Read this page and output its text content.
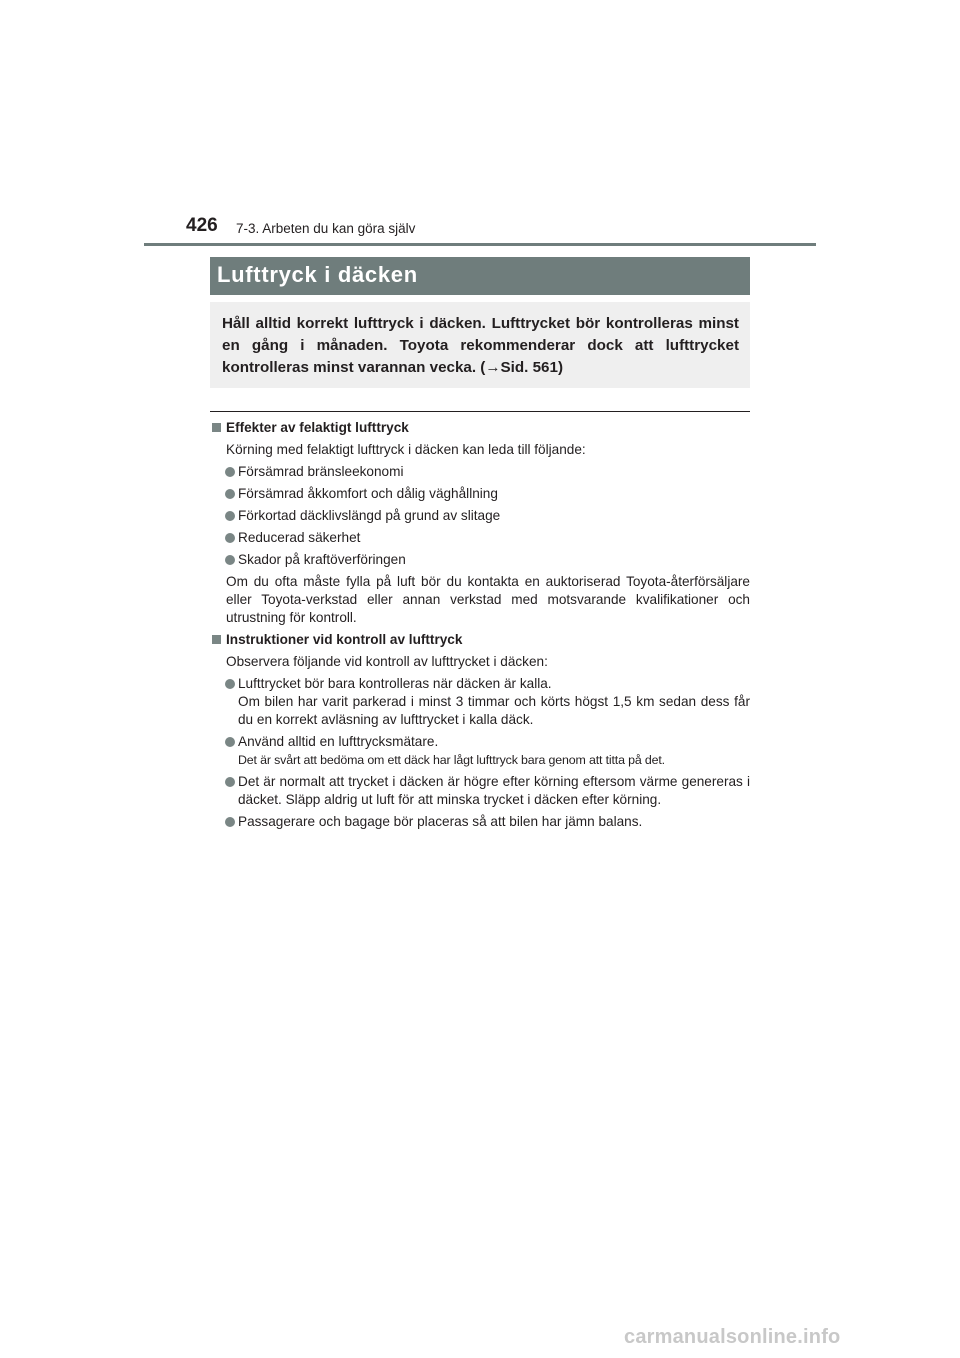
426 7-3. Arbeten du kan göra själv
Lufttryck i däcken
Håll alltid korrekt lufttryck i däcken. Lufttrycket bör kontrolleras minst en gång i månaden. Toyota rekommenderar dock att lufttrycket kontrolleras minst varannan vecka. (→Sid. 561)
Effekter av felaktigt lufttryck
Körning med felaktigt lufttryck i däcken kan leda till följande:
Försämrad bränsleekonomi
Försämrad åkkomfort och dålig väghållning
Förkortad däcklivslängd på grund av slitage
Reducerad säkerhet
Skador på kraftöverföringen
Om du ofta måste fylla på luft bör du kontakta en auktoriserad Toyota-återförsäljare eller Toyota-verkstad eller annan verkstad med motsvarande kvalifikationer och utrustning för kontroll.
Instruktioner vid kontroll av lufttryck
Observera följande vid kontroll av lufttrycket i däcken:
Lufttrycket bör bara kontrolleras när däcken är kalla.
Om bilen har varit parkerad i minst 3 timmar och körts högst 1,5 km sedan dess får du en korrekt avläsning av lufttrycket i kalla däck.
Använd alltid en lufttrycksmätare.
Det är svårt att bedöma om ett däck har lågt lufttryck bara genom att titta på det.
Det är normalt att trycket i däcken är högre efter körning eftersom värme genereras i däcket. Släpp aldrig ut luft för att minska trycket i däcken efter körning.
Passagerare och bagage bör placeras så att bilen har jämn balans.
carmanualsonline.info
